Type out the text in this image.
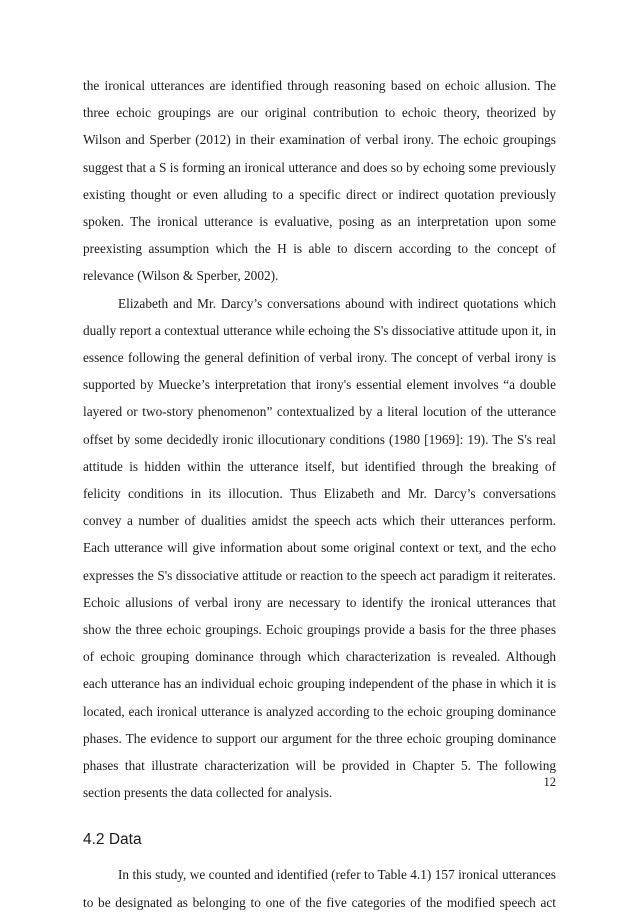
the ironical utterances are identified through reasoning based on echoic allusion. The three echoic groupings are our original contribution to echoic theory, theorized by Wilson and Sperber (2012) in their examination of verbal irony. The echoic groupings suggest that a S is forming an ironical utterance and does so by echoing some previously existing thought or even alluding to a specific direct or indirect quotation previously spoken. The ironical utterance is evaluative, posing as an interpretation upon some preexisting assumption which the H is able to discern according to the concept of relevance (Wilson & Sperber, 2002).

Elizabeth and Mr. Darcy’s conversations abound with indirect quotations which dually report a contextual utterance while echoing the S's dissociative attitude upon it, in essence following the general definition of verbal irony. The concept of verbal irony is supported by Muecke’s interpretation that irony's essential element involves “a double layered or two-story phenomenon” contextualized by a literal locution of the utterance offset by some decidedly ironic illocutionary conditions (1980 [1969]: 19). The S's real attitude is hidden within the utterance itself, but identified through the breaking of felicity conditions in its illocution. Thus Elizabeth and Mr. Darcy’s conversations convey a number of dualities amidst the speech acts which their utterances perform. Each utterance will give information about some original context or text, and the echo expresses the S's dissociative attitude or reaction to the speech act paradigm it reiterates. Echoic allusions of verbal irony are necessary to identify the ironical utterances that show the three echoic groupings. Echoic groupings provide a basis for the three phases of echoic grouping dominance through which characterization is revealed. Although each utterance has an individual echoic grouping independent of the phase in which it is located, each ironical utterance is analyzed according to the echoic grouping dominance phases. The evidence to support our argument for the three echoic grouping dominance phases that illustrate characterization will be provided in Chapter 5. The following section presents the data collected for analysis.

4.2 Data

In this study, we counted and identified (refer to Table 4.1) 157 ironical utterances to be designated as belonging to one of the five categories of the modified speech act

12
